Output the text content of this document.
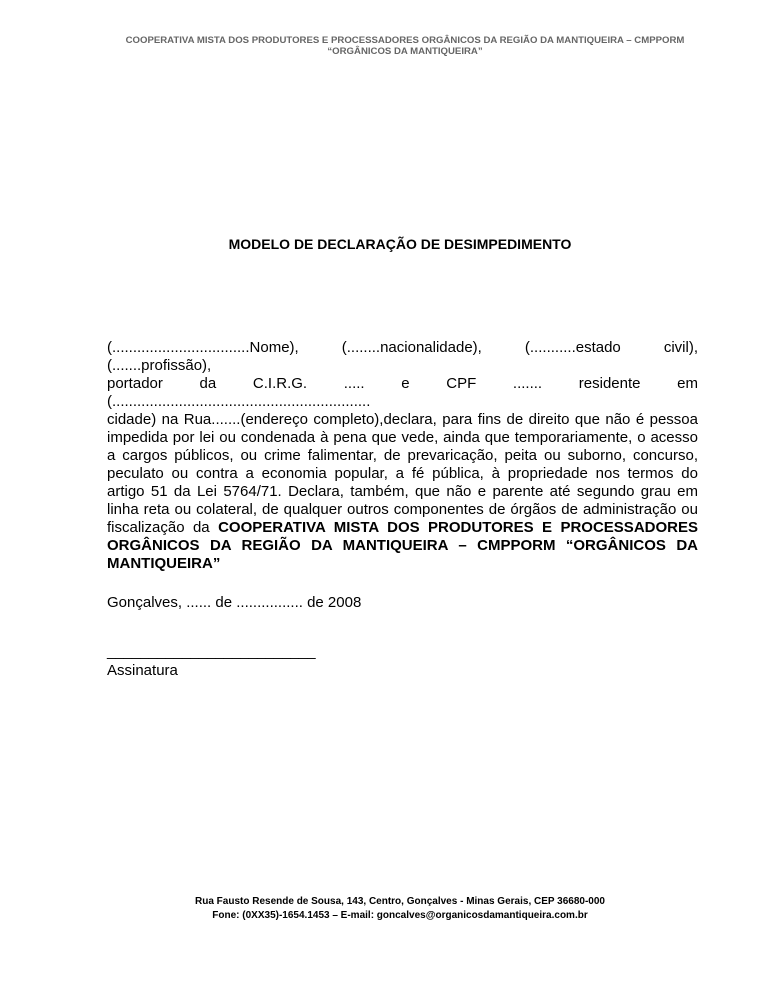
COOPERATIVA MISTA DOS PRODUTORES E PROCESSADORES ORGÂNICOS DA REGIÃO DA MANTIQUEIRA – CMPPORM
“ORGÂNICOS DA MANTIQUEIRA”
MODELO DE DECLARAÇÃO DE DESIMPEDIMENTO
(.................................Nome), (........nacionalidade), (...........estado civil),
(.......profissão),
portador da C.I.R.G. ..... e CPF ....... residente em
(..............................................................
cidade) na Rua.......(endereço completo),declara, para fins de direito que não é pessoa
impedida por lei ou condenada à pena que vede, ainda que temporariamente, o acesso
a cargos públicos, ou crime falimentar, de prevaricação, peita ou suborno, concurso,
peculato ou contra a economia popular, a fé pública, à propriedade nos termos do
artigo 51 da Lei 5764/71. Declara, também, que não e parente até segundo grau em
linha reta ou colateral, de qualquer outros componentes de órgãos de administração ou
fiscalização da COOPERATIVA MISTA DOS PRODUTORES E PROCESSADORES
ORGÂNICOS DA REGIÃO DA MANTIQUEIRA – CMPPORM “ORGÂNICOS DA
MANTIQUEIRA”
Gonçalves, ...... de ................ de 2008
_________________________
Assinatura
Rua Fausto Resende de Sousa, 143, Centro, Gonçalves - Minas Gerais, CEP 36680-000
Fone: (0XX35)-1654.1453 – E-mail: goncalves@organicosdamantiqueira.com.br
